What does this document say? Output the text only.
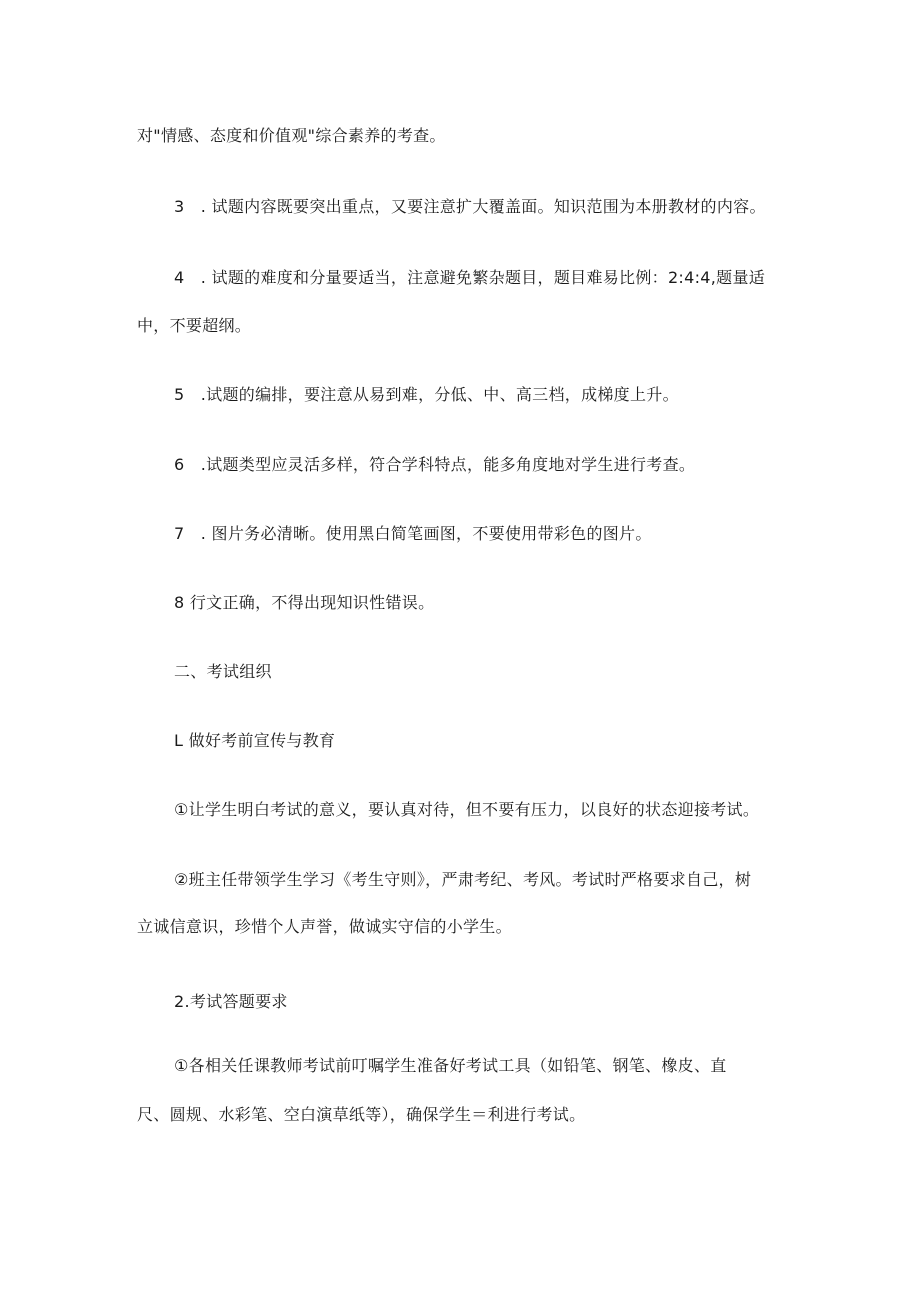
对"情感、态度和价值观"综合素养的考查。
3　. 试题内容既要突出重点，又要注意扩大覆盖面。知识范围为本册教材的内容。
4　. 试题的难度和分量要适当，注意避免繁杂题目，题目难易比例：2:4:4,题量适
中，不要超纲。
5　.试题的编排，要注意从易到难，分低、中、高三档，成梯度上升。
6　.试题类型应灵活多样，符合学科特点，能多角度地对学生进行考查。
7　. 图片务必清晰。使用黑白简笔画图，不要使用带彩色的图片。
8 行文正确，不得出现知识性错误。
二、考试组织
L 做好考前宣传与教育
①让学生明白考试的意义，要认真对待，但不要有压力，以良好的状态迎接考试。
②班主任带领学生学习《考生守则》，严肃考纪、考风。考试时严格要求自己，树
立诚信意识，珍惜个人声誉，做诚实守信的小学生。
2.考试答题要求
①各相关任课教师考试前叮嘱学生准备好考试工具（如铅笔、钢笔、橡皮、直
尺、圆规、水彩笔、空白演草纸等），确保学生＝利进行考试。
